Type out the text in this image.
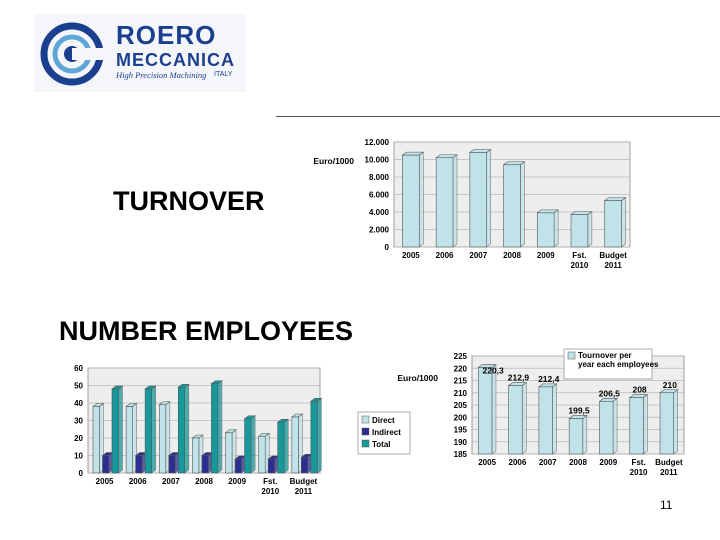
ROERO
MECCANICA
High Precision Machining ITALY
TURNOVER
NUMBER EMPLOYEES
Euro/1000
0
2.000
4.000
6.000
8.000
10.000
12.000
2005 2006 2007 2008 2009 Fst.
2010
Budget
2011
0
10
20
30
40
50
60
2005 2006 2007 2008 2009 Fst.
2010
Budget
2011
Direct
Indirect
Total
Euro/1000
185
190
195
200
205
210
215
220
225
220,3
212,9 212,4
199,5
206,5 208 210
2005 2006 2007 2008 2009 Fst.
2010
Budget
2011
Tournover per
year each employees
11
